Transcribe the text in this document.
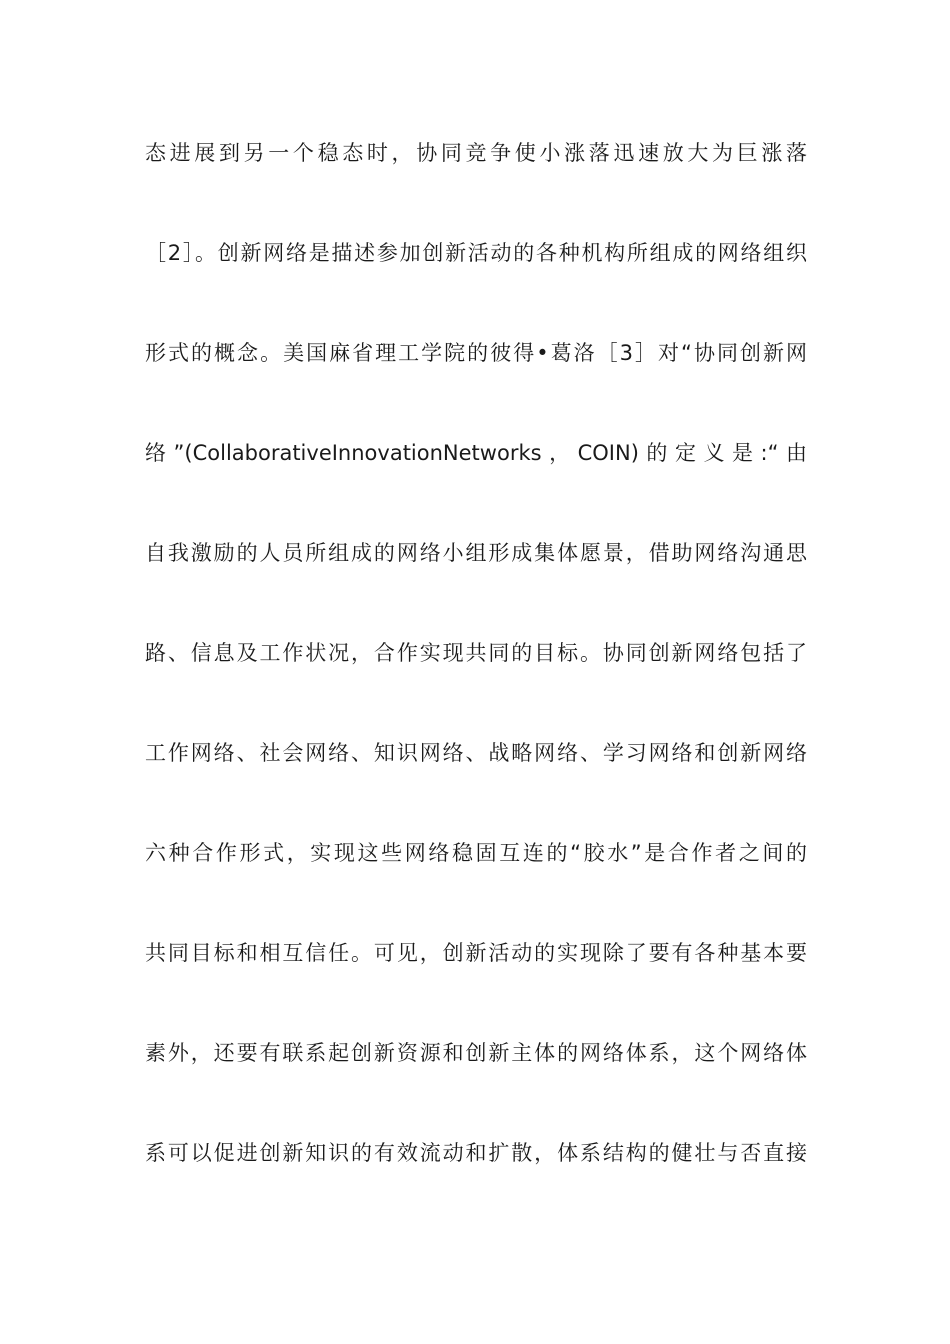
态进展到另一个稳态时，协同竞争使小涨落迅速放大为巨涨落
［2］。创新网络是描述参加创新活动的各种机构所组成的网络组织
形式的概念。美国麻省理工学院的彼得•葛洛［3］对“协同创新网
络”(CollaborativeInnovationNetworks，COIN)的定义是:“由
自我激励的人员所组成的网络小组形成集体愿景，借助网络沟通思
路、信息及工作状况，合作实现共同的目标。协同创新网络包括了
工作网络、社会网络、知识网络、战略网络、学习网络和创新网络
六种合作形式，实现这些网络稳固互连的“胶水”是合作者之间的
共同目标和相互信任。可见，创新活动的实现除了要有各种基本要
素外，还要有联系起创新资源和创新主体的网络体系，这个网络体
系可以促进创新知识的有效流动和扩散，体系结构的健壮与否直接
